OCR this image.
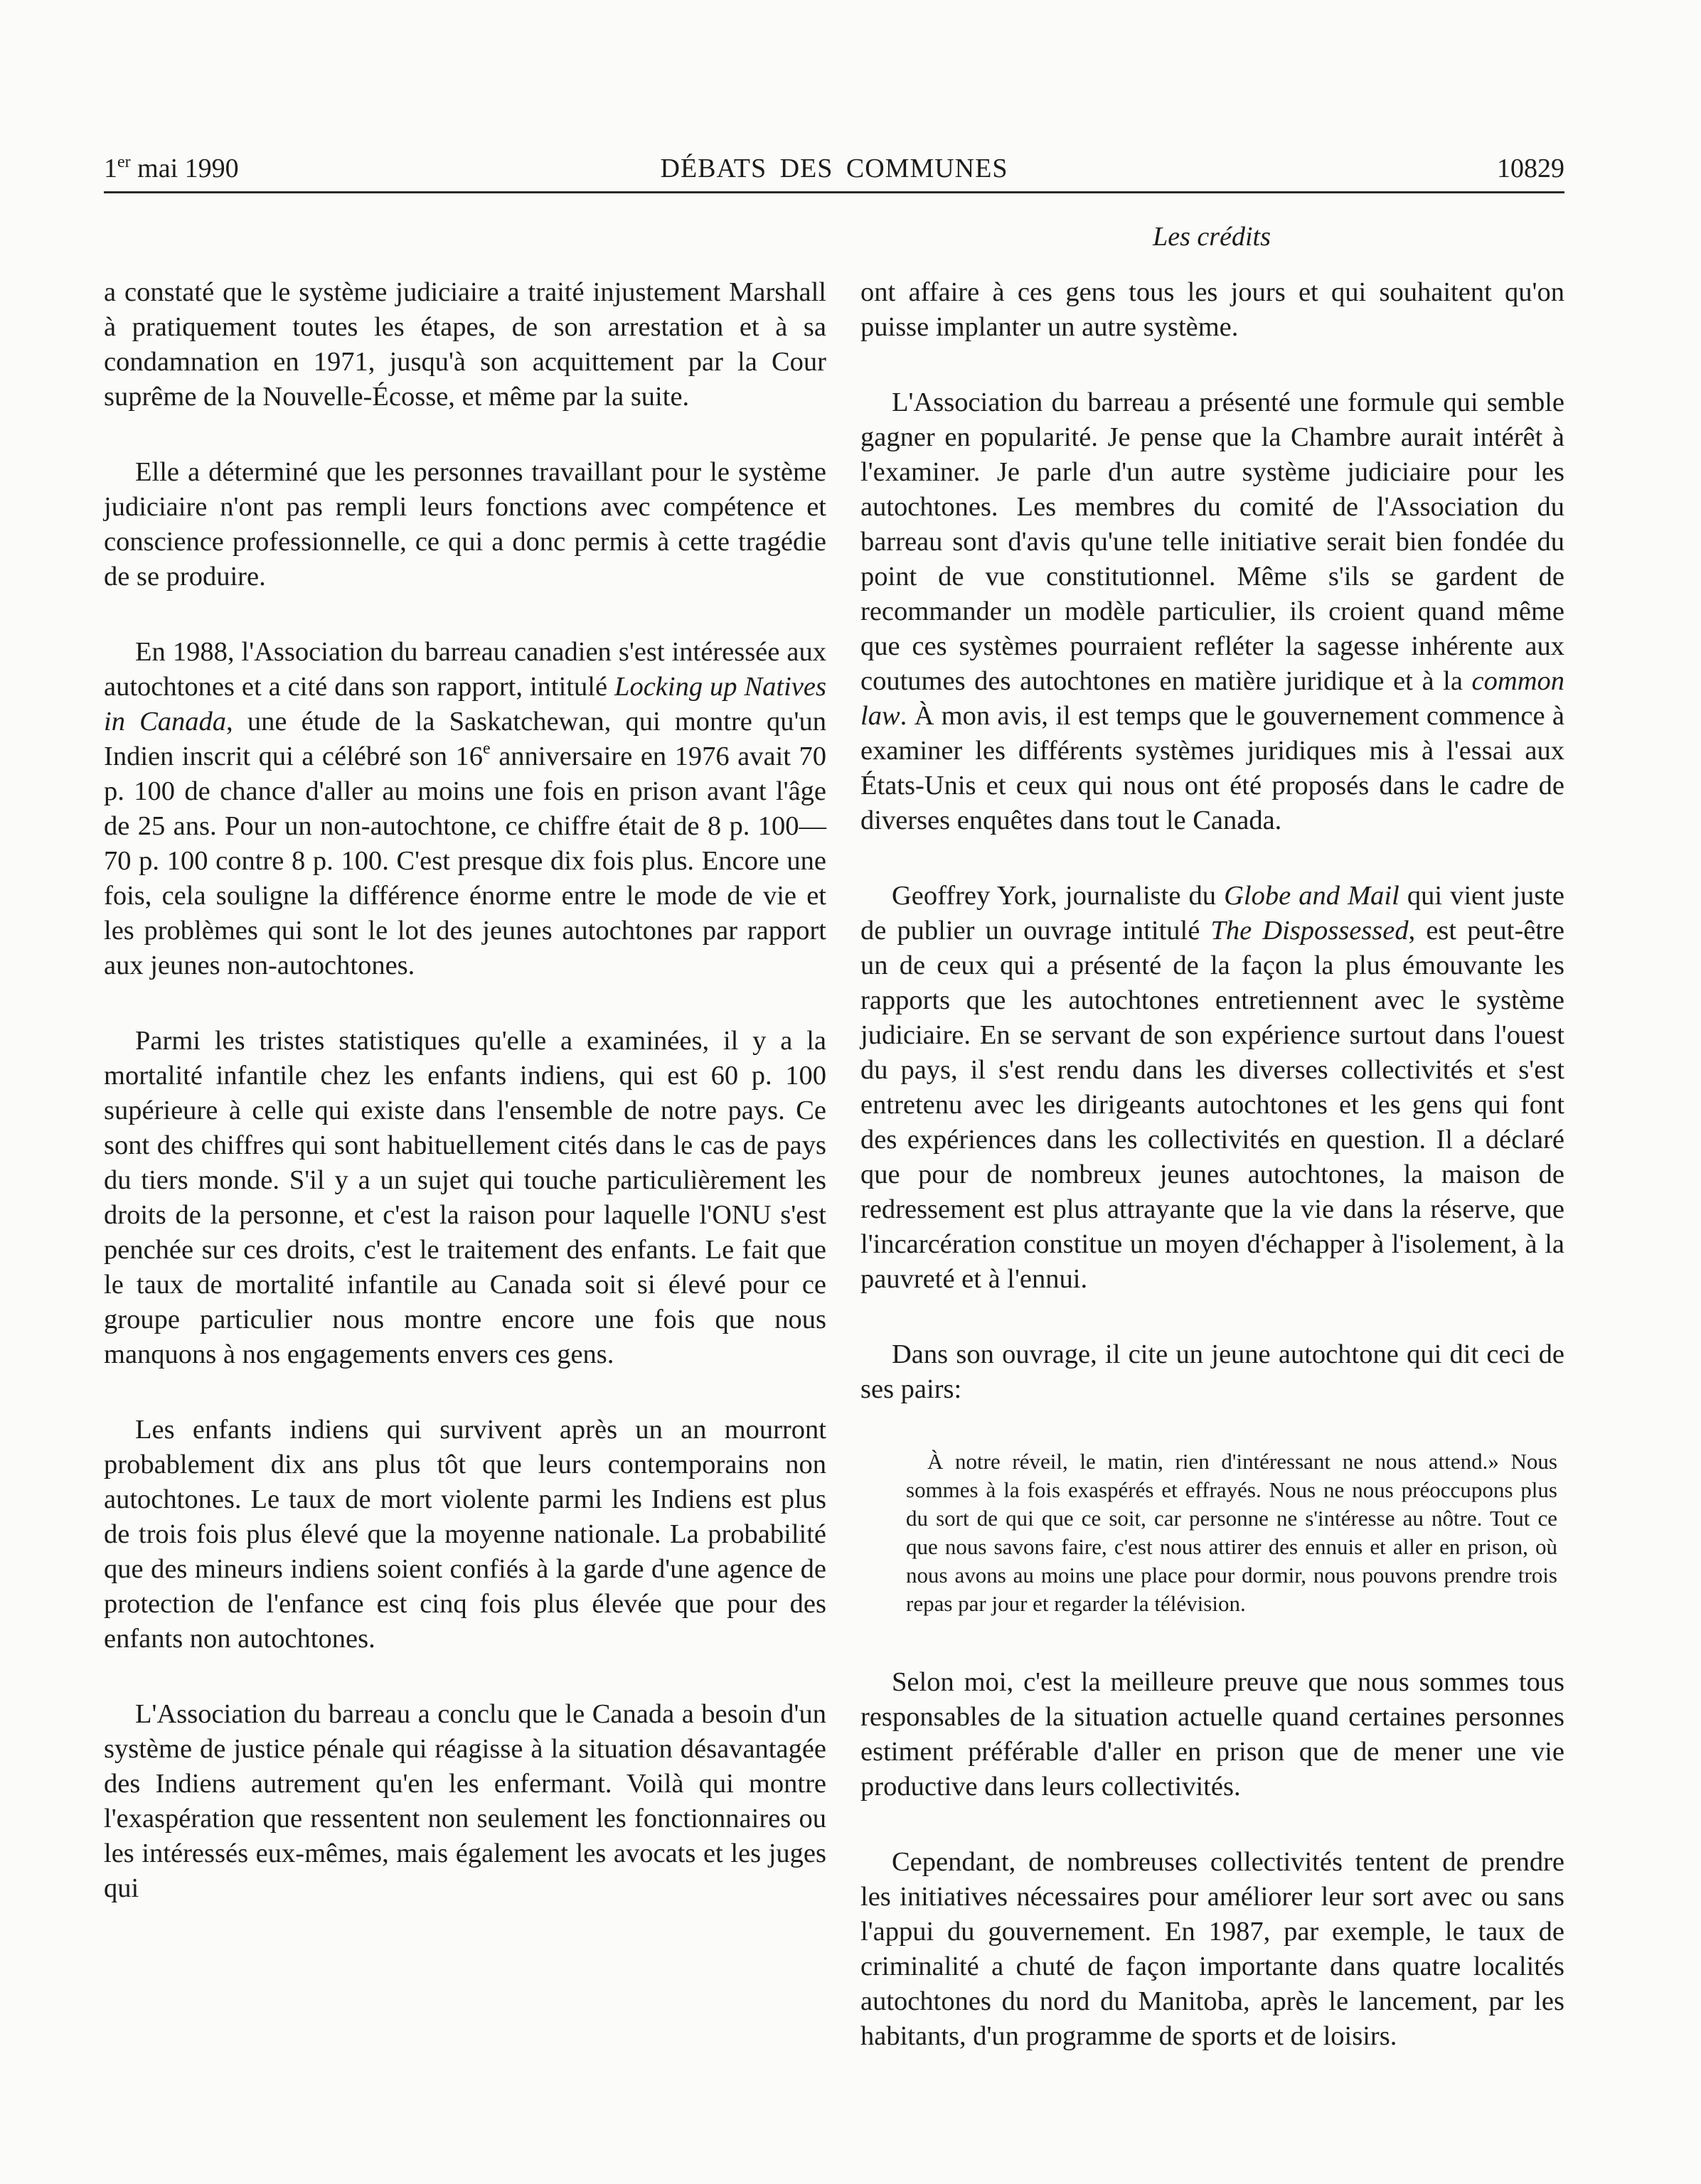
1er mai 1990	DÉBATS DES COMMUNES	10829
Les crédits

a constaté que le système judiciaire a traité injustement Marshall à pratiquement toutes les étapes, de son arrestation et à sa condamnation en 1971, jusqu'à son acquittement par la Cour suprême de la Nouvelle-Écosse, et même par la suite.

Elle a déterminé que les personnes travaillant pour le système judiciaire n'ont pas rempli leurs fonctions avec compétence et conscience professionnelle, ce qui a donc permis à cette tragédie de se produire.

En 1988, l'Association du barreau canadien s'est intéressée aux autochtones et a cité dans son rapport, intitulé Locking up Natives in Canada, une étude de la Saskatchewan, qui montre qu'un Indien inscrit qui a célébré son 16e anniversaire en 1976 avait 70 p. 100 de chance d'aller au moins une fois en prison avant l'âge de 25 ans. Pour un non-autochtone, ce chiffre était de 8 p. 100—70 p. 100 contre 8 p. 100. C'est presque dix fois plus. Encore une fois, cela souligne la différence énorme entre le mode de vie et les problèmes qui sont le lot des jeunes autochtones par rapport aux jeunes non-autochtones.

Parmi les tristes statistiques qu'elle a examinées, il y a la mortalité infantile chez les enfants indiens, qui est 60 p. 100 supérieure à celle qui existe dans l'ensemble de notre pays. Ce sont des chiffres qui sont habituellement cités dans le cas de pays du tiers monde. S'il y a un sujet qui touche particulièrement les droits de la personne, et c'est la raison pour laquelle l'ONU s'est penchée sur ces droits, c'est le traitement des enfants. Le fait que le taux de mortalité infantile au Canada soit si élevé pour ce groupe particulier nous montre encore une fois que nous manquons à nos engagements envers ces gens.

Les enfants indiens qui survivent après un an mourront probablement dix ans plus tôt que leurs contemporains non autochtones. Le taux de mort violente parmi les Indiens est plus de trois fois plus élevé que la moyenne nationale. La probabilité que des mineurs indiens soient confiés à la garde d'une agence de protection de l'enfance est cinq fois plus élevée que pour des enfants non autochtones.

L'Association du barreau a conclu que le Canada a besoin d'un système de justice pénale qui réagisse à la situation désavantagée des Indiens autrement qu'en les enfermant. Voilà qui montre l'exaspération que ressentent non seulement les fonctionnaires ou les intéressés eux-mêmes, mais également les avocats et les juges qui

ont affaire à ces gens tous les jours et qui souhaitent qu'on puisse implanter un autre système.

L'Association du barreau a présenté une formule qui semble gagner en popularité. Je pense que la Chambre aurait intérêt à l'examiner. Je parle d'un autre système judiciaire pour les autochtones. Les membres du comité de l'Association du barreau sont d'avis qu'une telle initiative serait bien fondée du point de vue constitutionnel. Même s'ils se gardent de recommander un modèle particulier, ils croient quand même que ces systèmes pourraient refléter la sagesse inhérente aux coutumes des autochtones en matière juridique et à la common law. À mon avis, il est temps que le gouvernement commence à examiner les différents systèmes juridiques mis à l'essai aux États-Unis et ceux qui nous ont été proposés dans le cadre de diverses enquêtes dans tout le Canada.

Geoffrey York, journaliste du Globe and Mail qui vient juste de publier un ouvrage intitulé The Dispossessed, est peut-être un de ceux qui a présenté de la façon la plus émouvante les rapports que les autochtones entretiennent avec le système judiciaire. En se servant de son expérience surtout dans l'ouest du pays, il s'est rendu dans les diverses collectivités et s'est entretenu avec les dirigeants autochtones et les gens qui font des expériences dans les collectivités en question. Il a déclaré que pour de nombreux jeunes autochtones, la maison de redressement est plus attrayante que la vie dans la réserve, que l'incarcération constitue un moyen d'échapper à l'isolement, à la pauvreté et à l'ennui.

Dans son ouvrage, il cite un jeune autochtone qui dit ceci de ses pairs:

À notre réveil, le matin, rien d'intéressant ne nous attend.» Nous sommes à la fois exaspérés et effrayés. Nous ne nous préoccupons plus du sort de qui que ce soit, car personne ne s'intéresse au nôtre. Tout ce que nous savons faire, c'est nous attirer des ennuis et aller en prison, où nous avons au moins une place pour dormir, nous pouvons prendre trois repas par jour et regarder la télévision.

Selon moi, c'est la meilleure preuve que nous sommes tous responsables de la situation actuelle quand certaines personnes estiment préférable d'aller en prison que de mener une vie productive dans leurs collectivités.

Cependant, de nombreuses collectivités tentent de prendre les initiatives nécessaires pour améliorer leur sort avec ou sans l'appui du gouvernement. En 1987, par exemple, le taux de criminalité a chuté de façon importante dans quatre localités autochtones du nord du Manitoba, après le lancement, par les habitants, d'un programme de sports et de loisirs.
